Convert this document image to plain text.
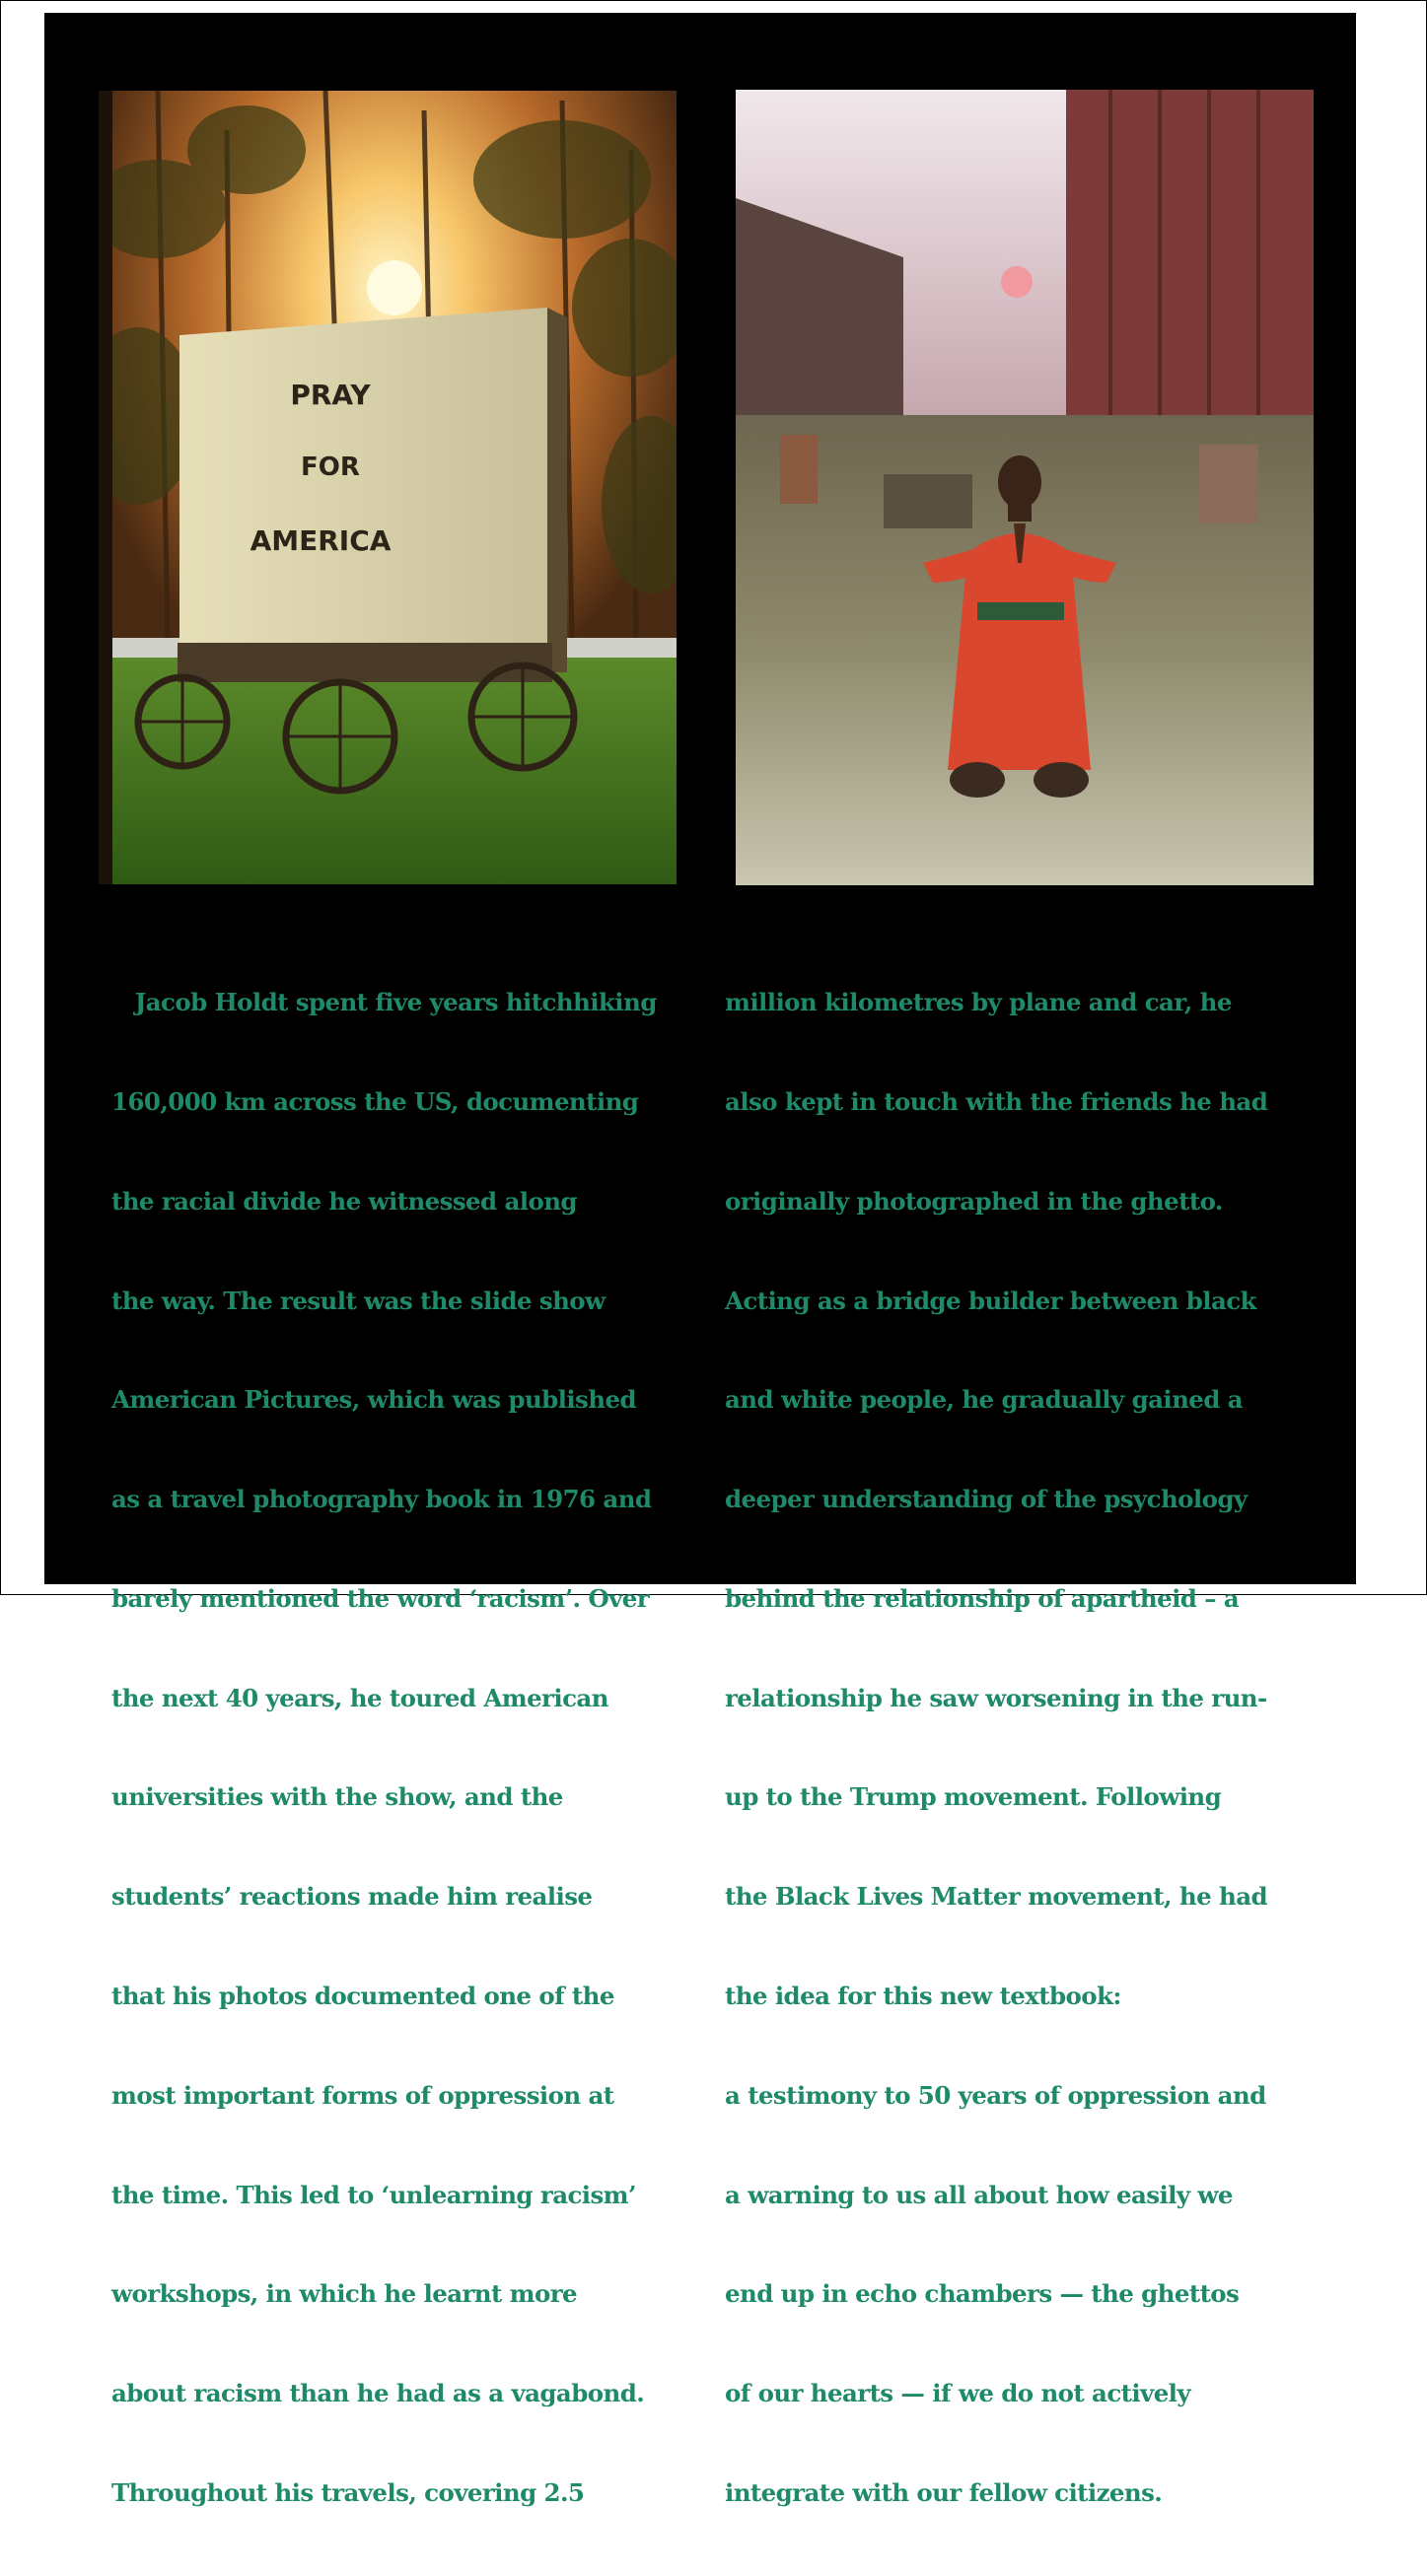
PRAY
FOR
AMERICA

Jacob Holdt spent five years hitchhiking

160,000 km across the US, documenting

the racial divide he witnessed along

the way. The result was the slide show

American Pictures, which was published

as a travel photography book in 1976 and

barely mentioned the word ‘racism’. Over

the next 40 years, he toured American

universities with the show, and the

students’ reactions made him realise

that his photos documented one of the

most important forms of oppression at

the time. This led to ‘unlearning racism’

workshops, in which he learnt more

about racism than he had as a vagabond.

Throughout his travels, covering 2.5

million kilometres by plane and car, he

also kept in touch with the friends he had

originally photographed in the ghetto.

Acting as a bridge builder between black

and white people, he gradually gained a

deeper understanding of the psychology

behind the relationship of apartheid – a

relationship he saw worsening in the run-

up to the Trump movement. Following

the Black Lives Matter movement, he had

the idea for this new textbook:

a testimony to 50 years of oppression and

a warning to us all about how easily we

end up in echo chambers — the ghettos

of our hearts — if we do not actively

integrate with our fellow citizens.
